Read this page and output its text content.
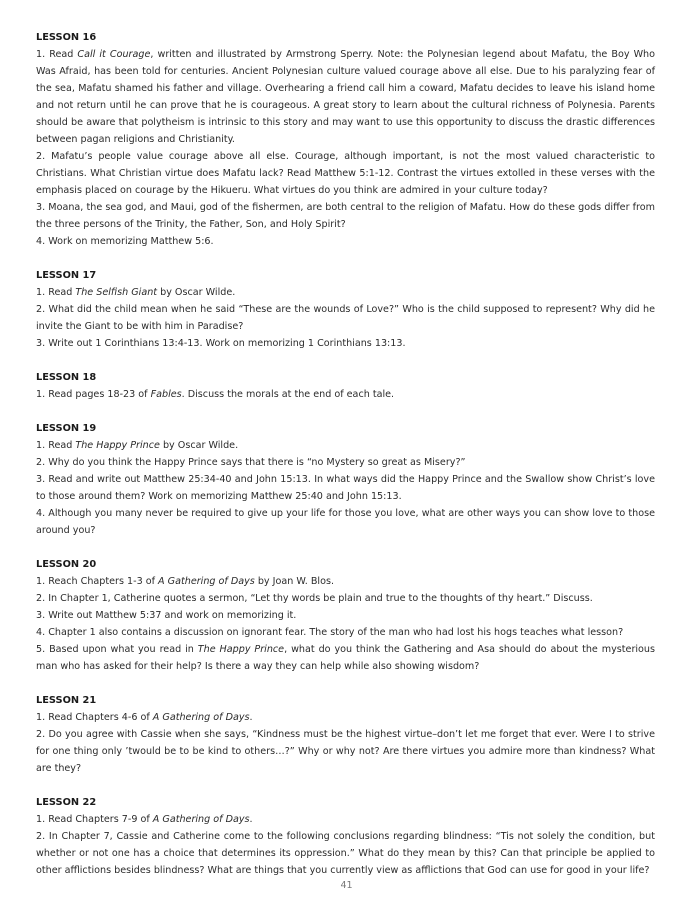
LESSON 16
1. Read Call it Courage, written and illustrated by Armstrong Sperry. Note: the Polynesian legend about Mafatu, the Boy Who Was Afraid, has been told for centuries. Ancient Polynesian culture valued courage above all else. Due to his paralyzing fear of the sea, Mafatu shamed his father and village. Overhearing a friend call him a coward, Mafatu decides to leave his island home and not return until he can prove that he is courageous. A great story to learn about the cultural richness of Polynesia. Parents should be aware that polytheism is intrinsic to this story and may want to use this opportunity to discuss the drastic differences between pagan religions and Christianity.
2. Mafatu’s people value courage above all else. Courage, although important, is not the most valued characteristic to Christians. What Christian virtue does Mafatu lack? Read Matthew 5:1-12. Contrast the virtues extolled in these verses with the emphasis placed on courage by the Hikueru. What virtues do you think are admired in your culture today?
3. Moana, the sea god, and Maui, god of the fishermen, are both central to the religion of Mafatu. How do these gods differ from the three persons of the Trinity, the Father, Son, and Holy Spirit?
4. Work on memorizing Matthew 5:6.
LESSON 17
1. Read The Selfish Giant by Oscar Wilde.
2. What did the child mean when he said “These are the wounds of Love?” Who is the child supposed to represent? Why did he invite the Giant to be with him in Paradise?
3. Write out 1 Corinthians 13:4-13. Work on memorizing 1 Corinthians 13:13.
LESSON 18
1. Read pages 18-23 of Fables. Discuss the morals at the end of each tale.
LESSON 19
1. Read The Happy Prince by Oscar Wilde.
2. Why do you think the Happy Prince says that there is “no Mystery so great as Misery?”
3. Read and write out Matthew 25:34-40 and John 15:13. In what ways did the Happy Prince and the Swallow show Christ’s love to those around them? Work on memorizing Matthew 25:40 and John 15:13.
4. Although you many never be required to give up your life for those you love, what are other ways you can show love to those around you?
LESSON 20
1. Reach Chapters 1-3 of A Gathering of Days by Joan W. Blos.
2. In Chapter 1, Catherine quotes a sermon, “Let thy words be plain and true to the thoughts of thy heart.” Discuss.
3. Write out Matthew 5:37 and work on memorizing it.
4. Chapter 1 also contains a discussion on ignorant fear. The story of the man who had lost his hogs teaches what lesson?
5. Based upon what you read in The Happy Prince, what do you think the Gathering and Asa should do about the mysterious man who has asked for their help? Is there a way they can help while also showing wisdom?
LESSON 21
1. Read Chapters 4-6 of A Gathering of Days.
2. Do you agree with Cassie when she says, “Kindness must be the highest virtue–don’t let me forget that ever. Were I to strive for one thing only ’twould be to be kind to others…?” Why or why not? Are there virtues you admire more than kindness? What are they?
LESSON 22
1. Read Chapters 7-9 of A Gathering of Days.
2. In Chapter 7, Cassie and Catherine come to the following conclusions regarding blindness: “Tis not solely the condition, but whether or not one has a choice that determines its oppression.” What do they mean by this? Can that principle be applied to other afflictions besides blindness? What are things that you currently view as afflictions that God can use for good in your life?
41
